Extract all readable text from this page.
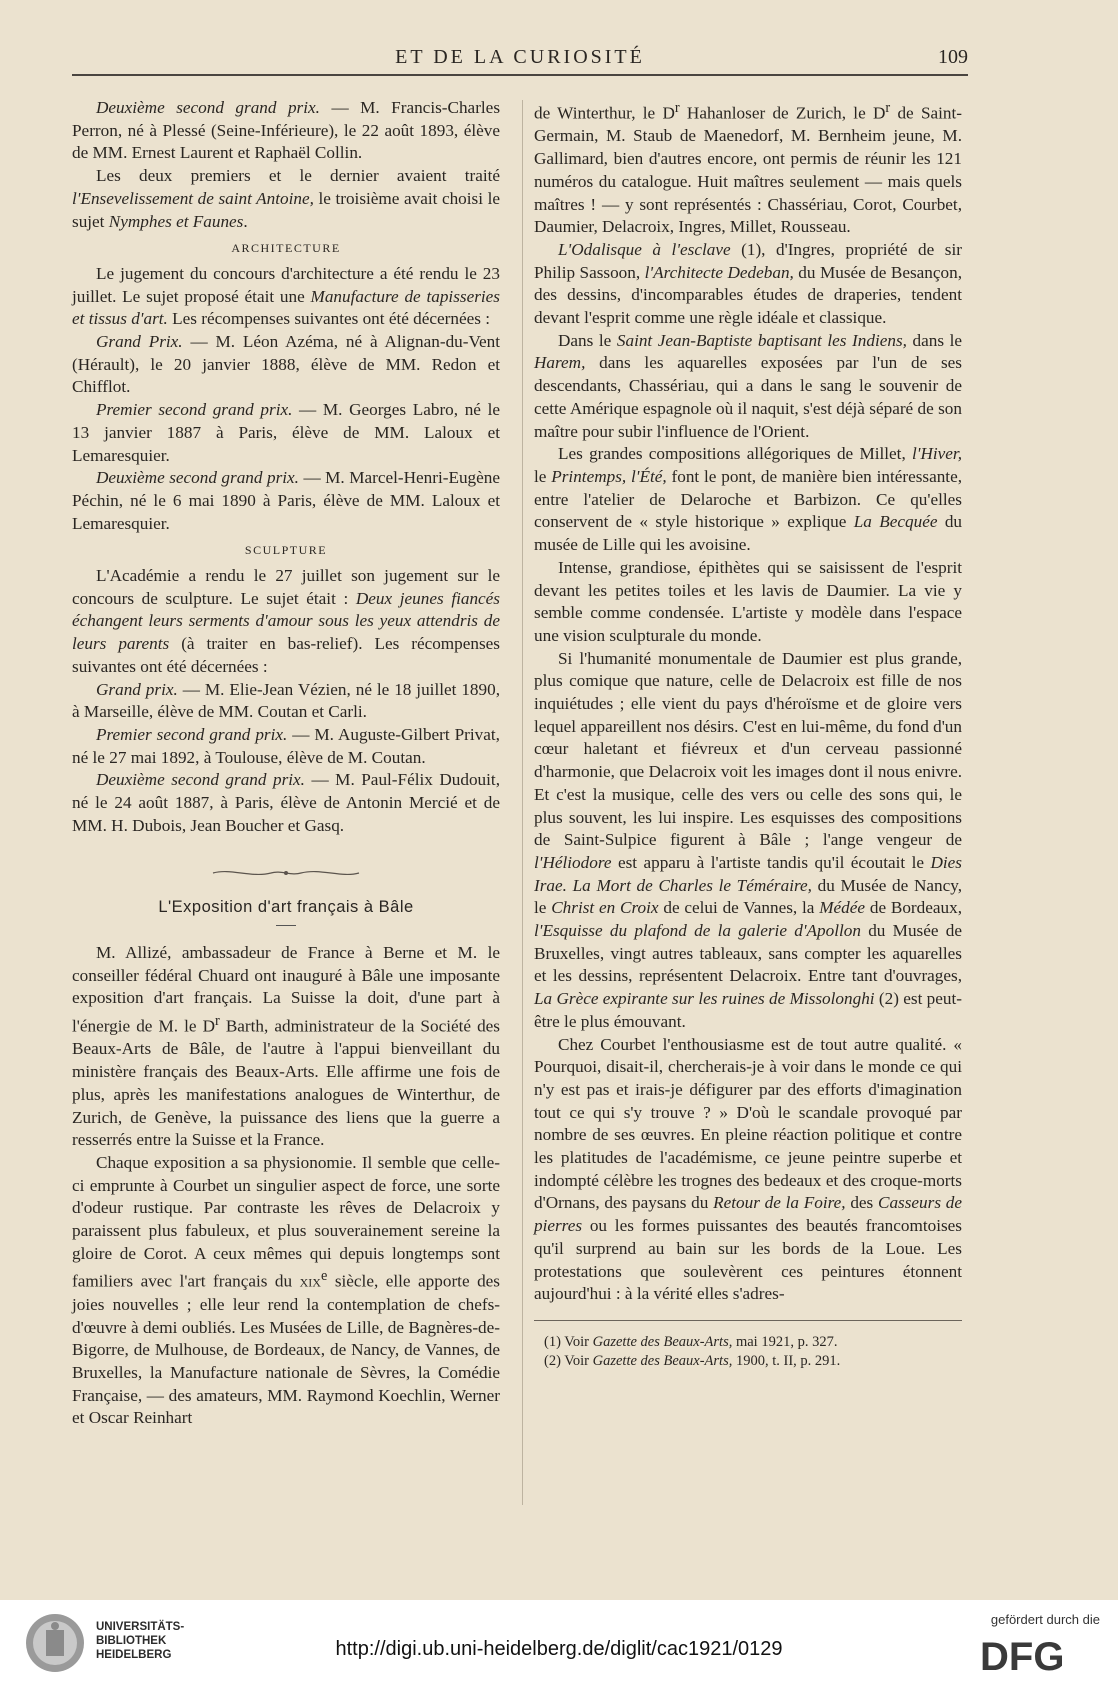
ET DE LA CURIOSITÉ	109

Deuxième second grand prix. — M. Francis-Charles Perron, né à Plessé (Seine-Inférieure), le 22 août 1893, élève de MM. Ernest Laurent et Raphaël Collin.

Les deux premiers et le dernier avaient traité l'Ensevelissement de saint Antoine, le troisième avait choisi le sujet Nymphes et Faunes.

ARCHITECTURE

Le jugement du concours d'architecture a été rendu le 23 juillet. Le sujet proposé était une Manufacture de tapisseries et tissus d'art. Les récompenses suivantes ont été décernées :

Grand Prix. — M. Léon Azéma, né à Alignan-du-Vent (Hérault), le 20 janvier 1888, élève de MM. Redon et Chifflot.

Premier second grand prix. — M. Georges Labro, né le 13 janvier 1887 à Paris, élève de MM. Laloux et Lemaresquier.

Deuxième second grand prix. — M. Marcel-Henri-Eugène Péchin, né le 6 mai 1890 à Paris, élève de MM. Laloux et Lemaresquier.

SCULPTURE

L'Académie a rendu le 27 juillet son jugement sur le concours de sculpture. Le sujet était : Deux jeunes fiancés échangent leurs serments d'amour sous les yeux attendris de leurs parents (à traiter en bas-relief). Les récompenses suivantes ont été décernées :

Grand prix. — M. Elie-Jean Vézien, né le 18 juillet 1890, à Marseille, élève de MM. Coutan et Carli.

Premier second grand prix. — M. Auguste-Gilbert Privat, né le 27 mai 1892, à Toulouse, élève de M. Coutan.

Deuxième second grand prix. — M. Paul-Félix Dudouit, né le 24 août 1887, à Paris, élève de Antonin Mercié et de MM. H. Dubois, Jean Boucher et Gasq.

L'Exposition d'art français à Bâle

M. Allizé, ambassadeur de France à Berne et M. le conseiller fédéral Chuard ont inauguré à Bâle une imposante exposition d'art français. La Suisse la doit, d'une part à l'énergie de M. le $D^r$ Barth, administrateur de la Société des Beaux-Arts de Bâle, de l'autre à l'appui bienveillant du ministère français des Beaux-Arts. Elle affirme une fois de plus, après les manifestations analogues de Winterthur, de Zurich, de Genève, la puissance des liens que la guerre a resserrés entre la Suisse et la France.

Chaque exposition a sa physionomie. Il semble que celle-ci emprunte à Courbet un singulier aspect de force, une sorte d'odeur rustique. Par contraste les rêves de Delacroix y paraissent plus fabuleux, et plus souverainement sereine la gloire de Corot. A ceux mêmes qui depuis longtemps sont familiers avec l'art français du xix$^e$ siècle, elle apporte des joies nouvelles ; elle leur rend la contemplation de chefs-d'œuvre à demi oubliés. Les Musées de Lille, de Bagnères-de-Bigorre, de Mulhouse, de Bordeaux, de Nancy, de Vannes, de Bruxelles, la Manufacture nationale de Sèvres, la Comédie Française, — des amateurs, MM. Raymond Koechlin, Werner et Oscar Reinhart

de Winterthur, le $D^r$ Hahanloser de Zurich, le $D^r$ de Saint-Germain, M. Staub de Maenedorf, M. Bernheim jeune, M. Gallimard, bien d'autres encore, ont permis de réunir les 121 numéros du catalogue. Huit maîtres seulement — mais quels maîtres ! — y sont représentés : Chassériau, Corot, Courbet, Daumier, Delacroix, Ingres, Millet, Rousseau.

L'Odalisque à l'esclave (1), d'Ingres, propriété de sir Philip Sassoon, l'Architecte Dedeban, du Musée de Besançon, des dessins, d'incomparables études de draperies, tendent devant l'esprit comme une règle idéale et classique.

Dans le Saint Jean-Baptiste baptisant les Indiens, dans le Harem, dans les aquarelles exposées par l'un de ses descendants, Chassériau, qui a dans le sang le souvenir de cette Amérique espagnole où il naquit, s'est déjà séparé de son maître pour subir l'influence de l'Orient.

Les grandes compositions allégoriques de Millet, l'Hiver, le Printemps, l'Été, font le pont, de manière bien intéressante, entre l'atelier de Delaroche et Barbizon. Ce qu'elles conservent de « style historique » explique La Becquée du musée de Lille qui les avoisine.

Intense, grandiose, épithètes qui se saisissent de l'esprit devant les petites toiles et les lavis de Daumier. La vie y semble comme condensée. L'artiste y modèle dans l'espace une vision sculpturale du monde.

Si l'humanité monumentale de Daumier est plus grande, plus comique que nature, celle de Delacroix est fille de nos inquiétudes ; elle vient du pays d'héroïsme et de gloire vers lequel appareillent nos désirs. C'est en lui-même, du fond d'un cœur haletant et fiévreux et d'un cerveau passionné d'harmonie, que Delacroix voit les images dont il nous enivre. Et c'est la musique, celle des vers ou celle des sons qui, le plus souvent, les lui inspire. Les esquisses des compositions de Saint-Sulpice figurent à Bâle ; l'ange vengeur de l'Héliodore est apparu à l'artiste tandis qu'il écoutait le Dies Irae. La Mort de Charles le Téméraire, du Musée de Nancy, le Christ en Croix de celui de Vannes, la Médée de Bordeaux, l'Esquisse du plafond de la galerie d'Apollon du Musée de Bruxelles, vingt autres tableaux, sans compter les aquarelles et les dessins, représentent Delacroix. Entre tant d'ouvrages, La Grèce expirante sur les ruines de Missolonghi (2) est peut-être le plus émouvant.

Chez Courbet l'enthousiasme est de tout autre qualité. « Pourquoi, disait-il, chercherais-je à voir dans le monde ce qui n'y est pas et irais-je défigurer par des efforts d'imagination tout ce qui s'y trouve ? » D'où le scandale provoqué par nombre de ses œuvres. En pleine réaction politique et contre les platitudes de l'académisme, ce jeune peintre superbe et indompté célèbre les trognes des bedeaux et des croque-morts d'Ornans, des paysans du Retour de la Foire, des Casseurs de pierres ou les formes puissantes des beautés francomtoises qu'il surprend au bain sur les bords de la Loue. Les protestations que soulevèrent ces peintures étonnent aujourd'hui : à la vérité elles s'adres-

(1) Voir Gazette des Beaux-Arts, mai 1921, p. 327.

(2) Voir Gazette des Beaux-Arts, 1900, t. II, p. 291.

UNIVERSITÄTS-
BIBLIOTHEK
HEIDELBERG	http://digi.ub.uni-heidelberg.de/diglit/cac1921/0129
gefördert durch die
DFG
